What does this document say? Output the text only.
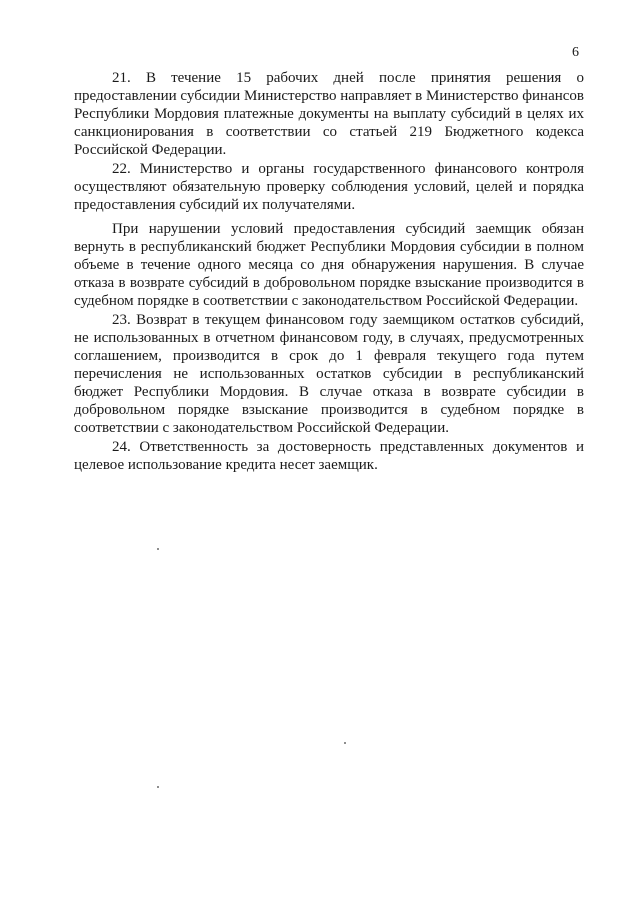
6

21. В течение 15 рабочих дней после принятия решения о предоставлении субсидии Министерство направляет в Министерство финансов Республики Мордовия платежные документы на выплату субсидий в целях их санкционирования в соответствии со статьей 219 Бюджетного кодекса Российской Федерации.

22. Министерство и органы государственного финансового контроля осуществляют обязательную проверку соблюдения условий, целей и порядка предоставления субсидий их получателями.

При нарушении условий предоставления субсидий заемщик обязан вернуть в республиканский бюджет Республики Мордовия субсидии в полном объеме в течение одного месяца со дня обнаружения нарушения. В случае отказа в возврате субсидий в добровольном порядке взыскание производится в судебном порядке в соответствии с законодательством Российской Федерации.

23. Возврат в текущем финансовом году заемщиком остатков субсидий, не использованных в отчетном финансовом году, в случаях, предусмотренных соглашением, производится в срок до 1 февраля текущего года путем перечисления не использованных остатков субсидии в республиканский бюджет Республики Мордовия. В случае отказа в возврате субсидии в добровольном порядке взыскание производится в судебном порядке в соответствии с законодательством Российской Федерации.

24. Ответственность за достоверность представленных документов и целевое использование кредита несет заемщик.
